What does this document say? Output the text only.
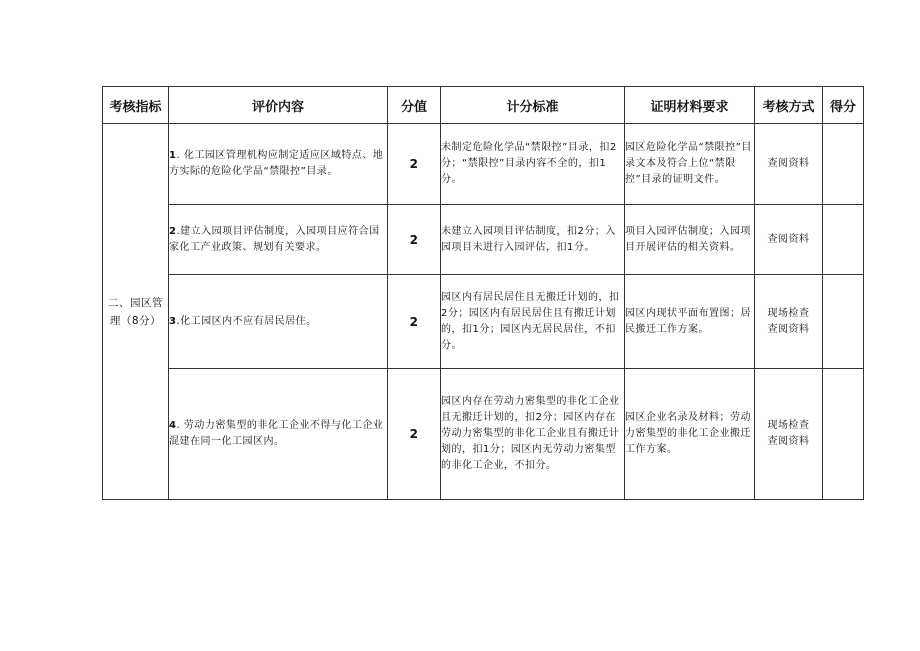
考核指标	评价内容	分值	计分标准	证明材料要求	考核方式	得分
二、园区管理（8分）	1. 化工园区管理机构应制定适应区域特点、地方实际的危险化学品“禁限控”目录。	2	未制定危险化学品“禁限控”目录，扣2分；“禁限控”目录内容不全的，扣1分。	园区危险化学品“禁限控”目录文本及符合上位“禁限控”目录的证明文件。	查阅资料	

	2.建立入园项目评估制度，入园项目应符合国家化工产业政策、规划有关要求。	2	未建立入园项目评估制度，扣2分；入园项目未进行入园评估，扣1分。	项目入园评估制度；入园项目开展评估的相关资料。	查阅资料	

	3.化工园区内不应有居民居住。	2	园区内有居民居住且无搬迁计划的，扣2分；园区内有居民居住且有搬迁计划的，扣1分；园区内无居民居住，不扣分。	园区内现状平面布置图；居民搬迁工作方案。	现场检查
查阅资料	

	4. 劳动力密集型的非化工企业不得与化工企业混建在同一化工园区内。	2	园区内存在劳动力密集型的非化工企业且无搬迁计划的，扣2分；园区内存在劳动力密集型的非化工企业且有搬迁计划的，扣1分；园区内无劳动力密集型的非化工企业，不扣分。	园区企业名录及材料；劳动力密集型的非化工企业搬迁工作方案。	现场检查
查阅资料	
